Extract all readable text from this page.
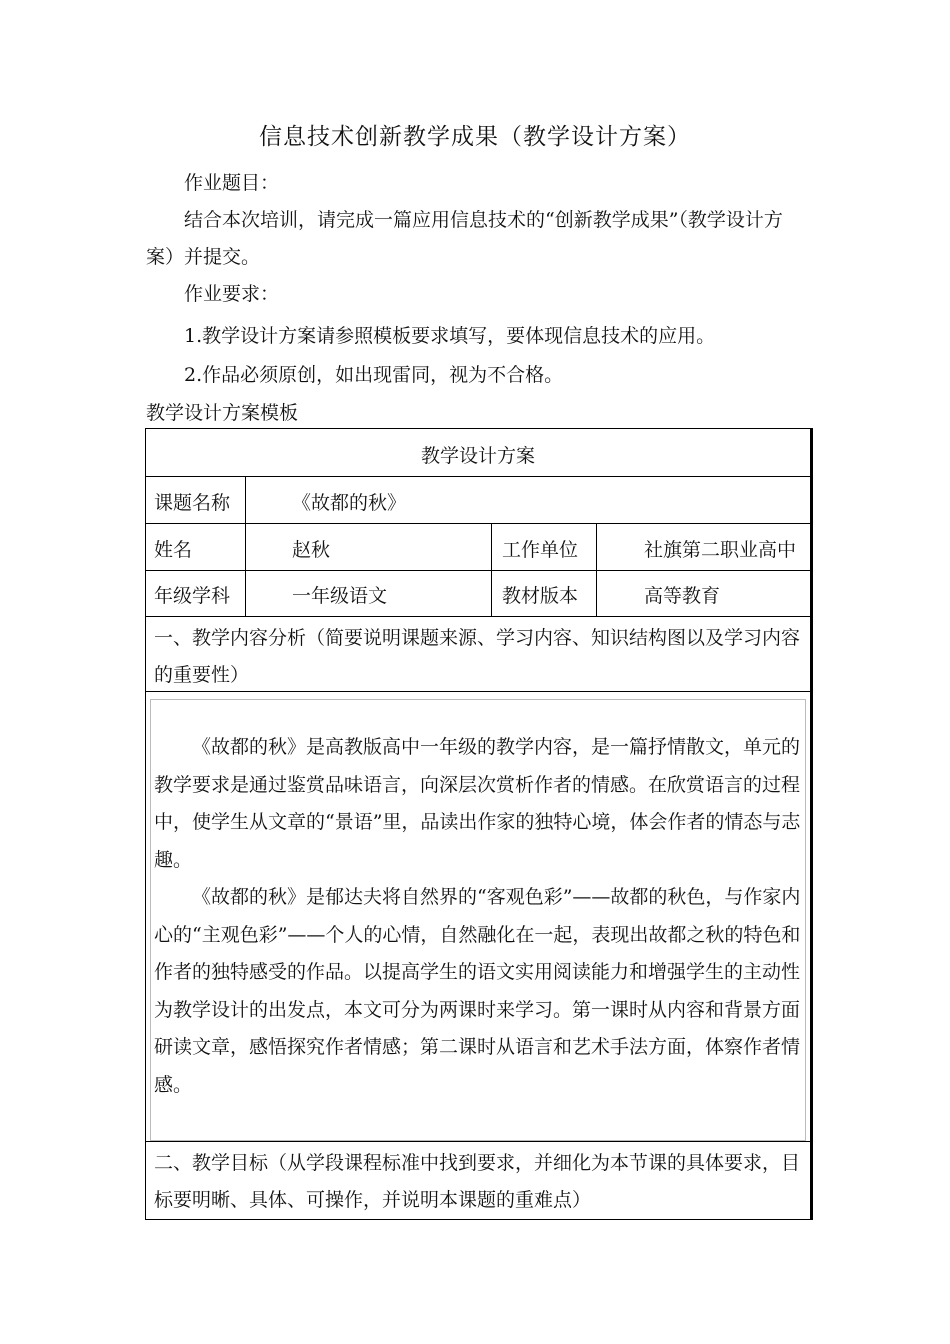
信息技术创新教学成果（教学设计方案）
作业题目：
结合本次培训，请完成一篇应用信息技术的“创新教学成果”（教学设计方案）并提交。
作业要求：
1.教学设计方案请参照模板要求填写，要体现信息技术的应用。
2.作品必须原创，如出现雷同，视为不合格。
教学设计方案模板
教学设计方案
课题名称	《故都的秋》
姓名	赵秋	工作单位	社旗第二职业高中
年级学科	一年级语文	教材版本	高等教育
一、教学内容分析（简要说明课题来源、学习内容、知识结构图以及学习内容的重要性）
《故都的秋》是高教版高中一年级的教学内容，是一篇抒情散文，单元的教学要求是通过鉴赏品味语言，向深层次赏析作者的情感。在欣赏语言的过程中，使学生从文章的“景语”里，品读出作家的独特心境，体会作者的情态与志趣。
《故都的秋》是郁达夫将自然界的“客观色彩”——故都的秋色，与作家内心的“主观色彩”——个人的心情，自然融化在一起，表现出故都之秋的特色和作者的独特感受的作品。以提高学生的语文实用阅读能力和增强学生的主动性为教学设计的出发点，本文可分为两课时来学习。第一课时从内容和背景方面研读文章，感悟探究作者情感；第二课时从语言和艺术手法方面，体察作者情感。
二、教学目标（从学段课程标准中找到要求，并细化为本节课的具体要求，目标要明晰、具体、可操作，并说明本课题的重难点）
